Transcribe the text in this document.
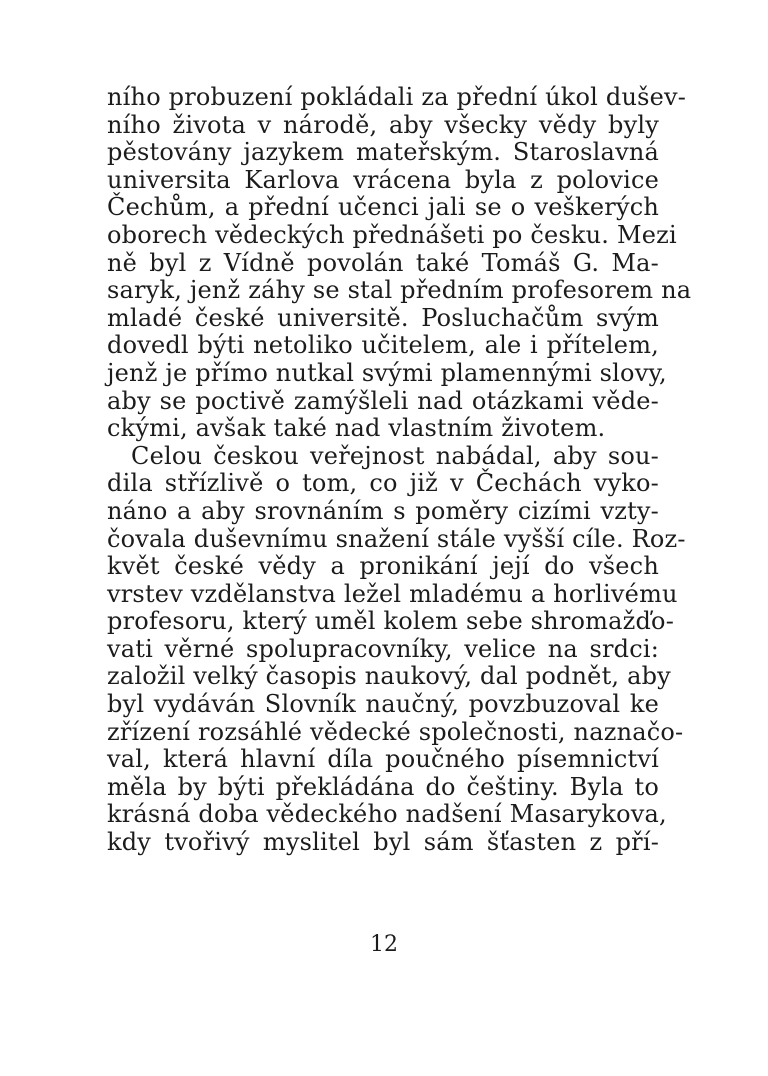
ního probuzení pokládali za přední úkol dušev-
ního života v národě, aby všecky vědy byly
pěstovány jazykem mateřským. Staroslavná
universita Karlova vrácena byla z polovice
Čechům, a přední učenci jali se o veškerých
oborech vědeckých přednášeti po česku. Mezi
ně byl z Vídně povolán také Tomáš G. Ma-
saryk, jenž záhy se stal předním profesorem na
mladé české universitě. Posluchačům svým
dovedl býti netoliko učitelem, ale i přítelem,
jenž je přímo nutkal svými plamennými slovy,
aby se poctivě zamýšleli nad otázkami věde-
ckými, avšak také nad vlastním životem.
Celou českou veřejnost nabádal, aby sou-
dila střízlivě o tom, co již v Čechách vyko-
náno a aby srovnáním s poměry cizími vzty-
čovala duševnímu snažení stále vyšší cíle. Roz-
květ české vědy a pronikání její do všech
vrstev vzdělanstva ležel mladému a horlivému
profesoru, který uměl kolem sebe shromažďo-
vati věrné spolupracovníky, velice na srdci:
založil velký časopis naukový, dal podnět, aby
byl vydáván Slovník naučný, povzbuzoval ke
zřízení rozsáhlé vědecké společnosti, naznačo-
val, která hlavní díla poučného písemnictví
měla by býti překládána do češtiny. Byla to
krásná doba vědeckého nadšení Masarykova,
kdy tvořivý myslitel byl sám šťasten z pří-
12
